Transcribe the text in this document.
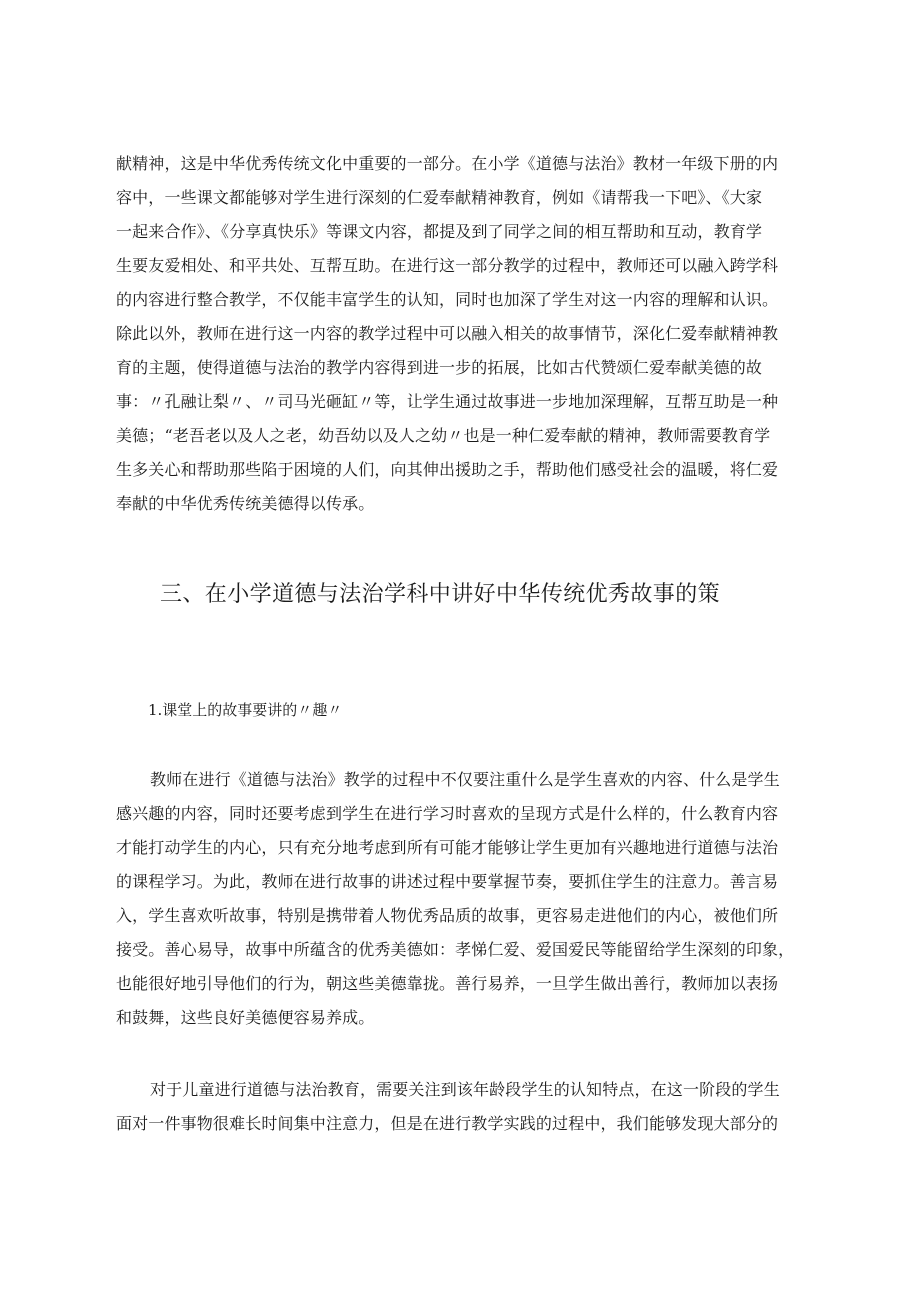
献精神，这是中华优秀传统文化中重要的一部分。在小学《道德与法治》教材一年级下册的内
容中，一些课文都能够对学生进行深刻的仁爱奉献精神教育，例如《请帮我一下吧》、《大家
一起来合作》、《分享真快乐》等课文内容，都提及到了同学之间的相互帮助和互动，教育学
生要友爱相处、和平共处、互帮互助。在进行这一部分教学的过程中，教师还可以融入跨学科
的内容进行整合教学，不仅能丰富学生的认知，同时也加深了学生对这一内容的理解和认识。
除此以外，教师在进行这一内容的教学过程中可以融入相关的故事情节，深化仁爱奉献精神教
育的主题，使得道德与法治的教学内容得到进一步的拓展，比如古代赞颂仁爱奉献美德的故
事：〃孔融让梨〃、〃司马光砸缸〃等，让学生通过故事进一步地加深理解，互帮互助是一种
美德；“老吾老以及人之老，幼吾幼以及人之幼〃也是一种仁爱奉献的精神，教师需要教育学
生多关心和帮助那些陷于困境的人们，向其伸出援助之手，帮助他们感受社会的温暖，将仁爱
奉献的中华优秀传统美德得以传承。
三、在小学道德与法治学科中讲好中华传统优秀故事的策
1.课堂上的故事要讲的〃趣〃
教师在进行《道德与法治》教学的过程中不仅要注重什么是学生喜欢的内容、什么是学生
感兴趣的内容，同时还要考虑到学生在进行学习时喜欢的呈现方式是什么样的，什么教育内容
才能打动学生的内心，只有充分地考虑到所有可能才能够让学生更加有兴趣地进行道德与法治
的课程学习。为此，教师在进行故事的讲述过程中要掌握节奏，要抓住学生的注意力。善言易
入，学生喜欢听故事，特别是携带着人物优秀品质的故事，更容易走进他们的内心，被他们所
接受。善心易导，故事中所蕴含的优秀美德如：孝悌仁爱、爱国爱民等能留给学生深刻的印象，
也能很好地引导他们的行为，朝这些美德靠拢。善行易养，一旦学生做出善行，教师加以表扬
和鼓舞，这些良好美德便容易养成。
对于儿童进行道德与法治教育，需要关注到该年龄段学生的认知特点，在这一阶段的学生
面对一件事物很难长时间集中注意力，但是在进行教学实践的过程中，我们能够发现大部分的
